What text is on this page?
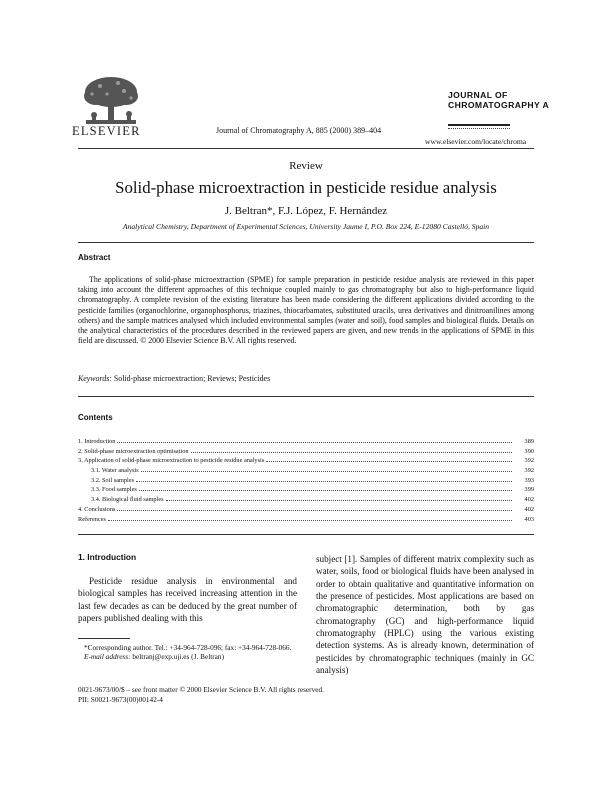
ELSEVIER	Journal of Chromatography A, 885 (2000) 389–404
JOURNAL OF
CHROMATOGRAPHY A
www.elsevier.com/locate/chroma
Review
Solid-phase microextraction in pesticide residue analysis
J. Beltran*, F.J. López, F. Hernández
Analytical Chemistry, Department of Experimental Sciences, University Jaume I, P.O. Box 224, E-12080 Castelló, Spain
Abstract
The applications of solid-phase microextraction (SPME) for sample preparation in pesticide residue analysis are reviewed in this paper taking into account the different approaches of this technique coupled mainly to gas chromatography but also to high-performance liquid chromatography. A complete revision of the existing literature has been made considering the different applications divided according to the pesticide families (organochlorine, organophosphorus, triazines, thiocarbamates, substituted uracils, urea derivatives and dinitroanilines among others) and the sample matrices analysed which included environmental samples (water and soil), food samples and biological fluids. Details on the analytical characteristics of the procedures described in the reviewed papers are given, and new trends in the applications of SPME in this field are discussed. © 2000 Elsevier Science B.V. All rights reserved.
Keywords: Solid-phase microextraction; Reviews; Pesticides
Contents
1. Introduction	389
2. Solid-phase microextraction optimisation	390
3. Application of solid-phase microextraction to pesticide residue analysis	392
3.1. Water analysis	392
3.2. Soil samples	393
3.3. Food samples	399
3.4. Biological fluid samples	402
4. Conclusions	402
References	403
1. Introduction
Pesticide residue analysis in environmental and biological samples has received increasing attention in the last few decades as can be deduced by the great number of papers published dealing with this
subject [1]. Samples of different matrix complexity such as water, soils, food or biological fluids have been analysed in order to obtain qualitative and quantitative information on the presence of pesticides. Most applications are based on chromatographic determination, both by gas chromatography (GC) and high-performance liquid chromatography (HPLC) using the various existing detection systems. As is already known, determination of pesticides by chromatographic techniques (mainly in GC analysis)
*Corresponding author. Tel.: +34-964-728-096; fax: +34-964-728-066.
E-mail address: beltranj@exp.uji.es (J. Beltran)
0021-9673/00/$ – see front matter © 2000 Elsevier Science B.V. All rights reserved.
PII: S0021-9673(00)00142-4
